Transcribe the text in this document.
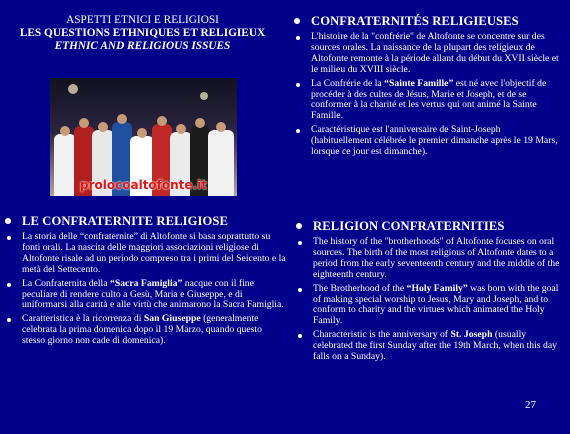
ASPETTI ETNICI E RELIGIOSI
LES QUESTIONS ETHNIQUES ET RELIGIEUX
ETHNIC AND RELIGIOUS ISSUES
prolocoaltofonte.it
CONFRATERNITÉS RELIGIEUSES
L'histoire de la "confrérie" de Altofonte se concentre sur des sources orales. La naissance de la plupart des religieux de Altofonte remonte à la période allant du début du XVII siècle et le milieu du XVIII siècle.
La Confrérie de la “Sainte Famille” est né avec l'objectif de procéder à des cultes de Jésus, Marie et Joseph, et de se conformer à la charité et les vertus qui ont animé la Sainte Famille.
Caractéristique est l'anniversaire de Saint-Joseph (habituellement célébrée le premier dimanche après le 19 Mars, lorsque ce jour est dimanche).
LE CONFRATERNITE RELIGIOSE
La storia delle “confraternite” di Altofonte si basa soprattutto su fonti orali. La nascita delle maggiori associazioni religiose di Altofonte risale ad un periodo compreso tra i primi del Seicento e la metà del Settecento.
La Confraternita della “Sacra Famiglia” nacque con il fine peculiare di rendere culto a Gesù, Maria e Giuseppe, e di uniformarsi alla carità e alle virtù che animarono la Sacra Famiglia.
Caratteristica è la ricorrenza di San Giuseppe (generalmente celebrata la prima domenica dopo il 19 Marzo, quando questo stesso giorno non cade di domenica).
RELIGION CONFRATERNITIES
The history of the "brotherhoods" of Altofonte focuses on oral sources. The birth of the most religious of Altofonte dates to a period from the early seventeenth century and the middle of the eighteenth century.
The Brotherhood of the “Holy Family” was born with the goal of making special worship to Jesus, Mary and Joseph, and to conform to charity and the virtues which animated the Holy Family.
Characteristic is the anniversary of St. Joseph (usually celebrated the first Sunday after the 19th March, when this day falls on a Sunday).
27
